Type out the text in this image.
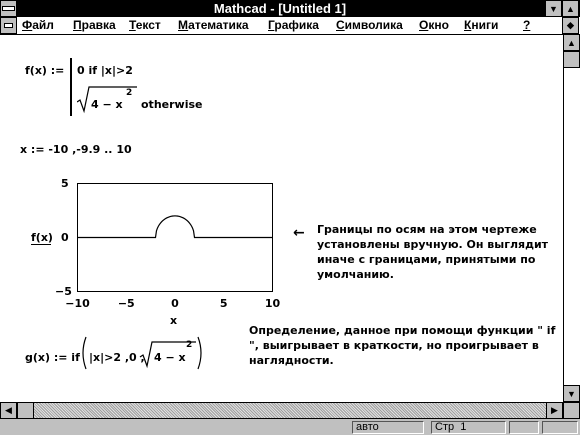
Mathcad - [Untitled 1]	▼ ▲
Файл Правка Текст Математика Графика Символика Окно Книги ?	◆
f(x) := 0 if |x|>2
4 − x
2
otherwise
x := -10 ,-9.9 .. 10
5
0
−5
f(x)
−10	−5	0	5	10
x
← Границы по осям на этом чертеже установлены вручную. Он выглядит иначе с границами, принятыми по умолчанию.
Определение, данное при помощи функции " if ", выигрывает в краткости, но проигрывает в наглядности.
g(x) := if |x|>2 ,0 , 4 − x
2
▲
▼
◀	▶
авто	Стр 1
